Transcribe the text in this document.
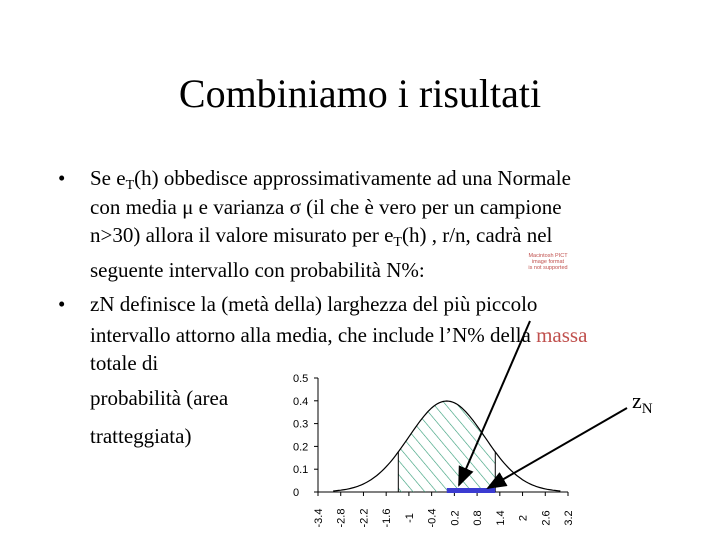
Combiniamo i risultati
• Se $e_T(h)$ obbedisce approssimativamente ad una Normale
con media μ e varianza σ (il che è vero per un campione
n>30) allora il valore misurato per $e_T(h)$ , r/n, cadrà nel
seguente intervallo con probabilità N%:
Macintosh PICT
image format
is not supported
• zN definisce la (metà della) larghezza del più piccolo
intervallo attorno alla media, che include l’N% della massa
totale di
probabilità (area
tratteggiata)
$z_N$
0
0.1
0.2
0.3
0.4
0.5
-3.4 -2.8 -2.2 -1.6 -1 -0.4 0.2 0.8 1.4 2 2.6 3.2
